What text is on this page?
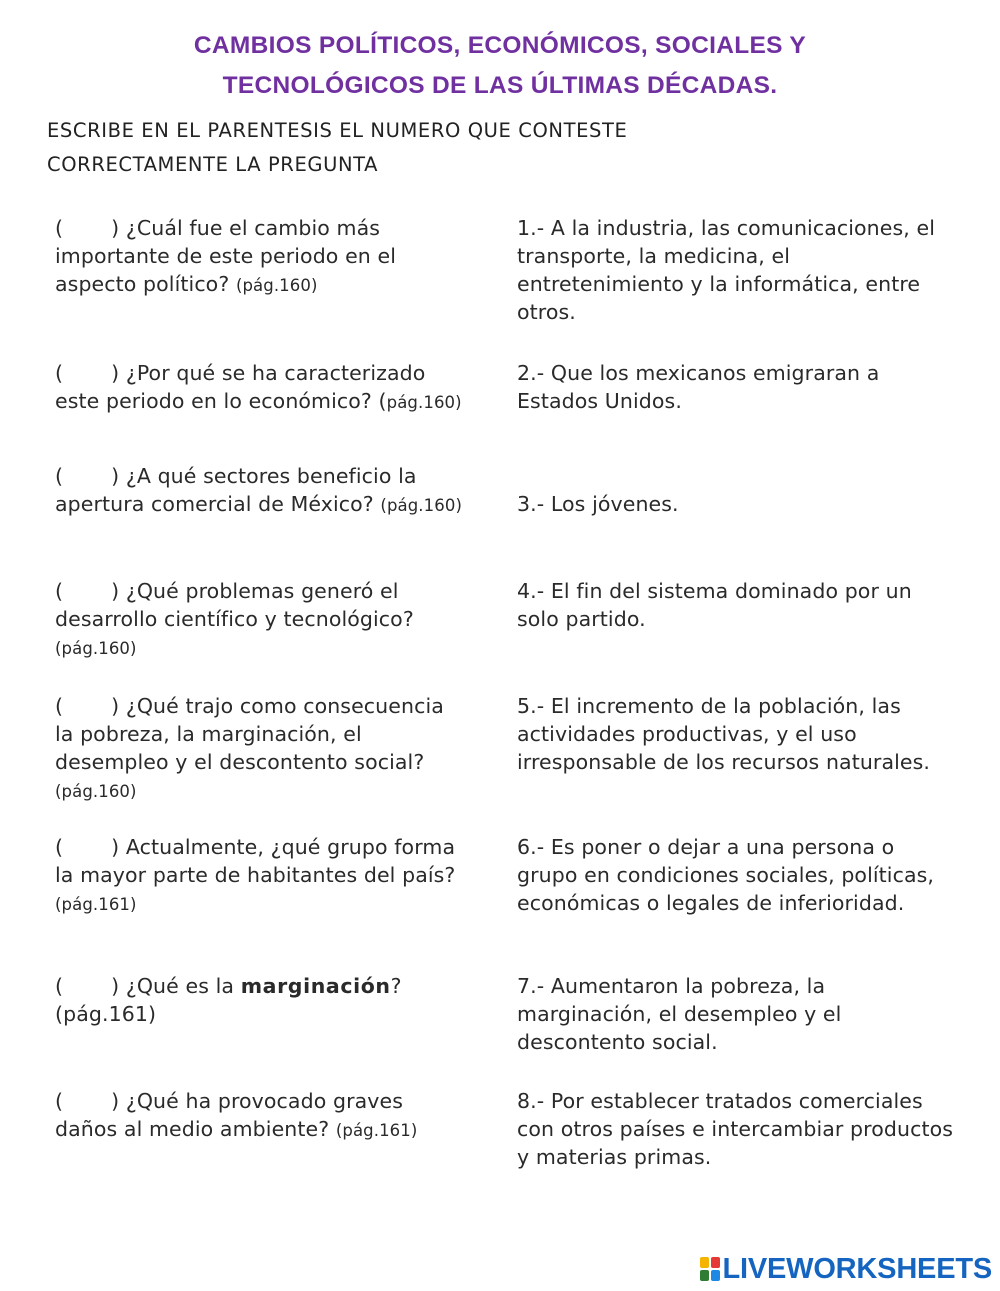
CAMBIOS POLÍTICOS, ECONÓMICOS, SOCIALES Y
TECNOLÓGICOS DE LAS ÚLTIMAS DÉCADAS.
ESCRIBE EN EL PARENTESIS EL NUMERO QUE CONTESTE
CORRECTAMENTE LA PREGUNTA
( ) ¿Cuál fue el cambio más importante de este periodo en el aspecto político? (pág.160)
1.- A la industria, las comunicaciones, el transporte, la medicina, el entretenimiento y la informática, entre otros.
( ) ¿Por qué se ha caracterizado este periodo en lo económico? (pág.160)
2.- Que los mexicanos emigraran a Estados Unidos.
( ) ¿A qué sectores beneficio la apertura comercial de México? (pág.160)	3.- Los jóvenes.
( ) ¿Qué problemas generó el desarrollo científico y tecnológico? (pág.160)
4.- El fin del sistema dominado por un solo partido.
( ) ¿Qué trajo como consecuencia la pobreza, la marginación, el desempleo y el descontento social? (pág.160)
5.- El incremento de la población, las actividades productivas, y el uso irresponsable de los recursos naturales.
( ) Actualmente, ¿qué grupo forma la mayor parte de habitantes del país? (pág.161)
6.- Es poner o dejar a una persona o grupo en condiciones sociales, políticas, económicas o legales de inferioridad.
( ) ¿Qué es la marginación? (pág.161)
7.- Aumentaron la pobreza, la marginación, el desempleo y el descontento social.
( ) ¿Qué ha provocado graves daños al medio ambiente? (pág.161)
8.- Por establecer tratados comerciales con otros países e intercambiar productos y materias primas.
LIVEWORKSHEETS
